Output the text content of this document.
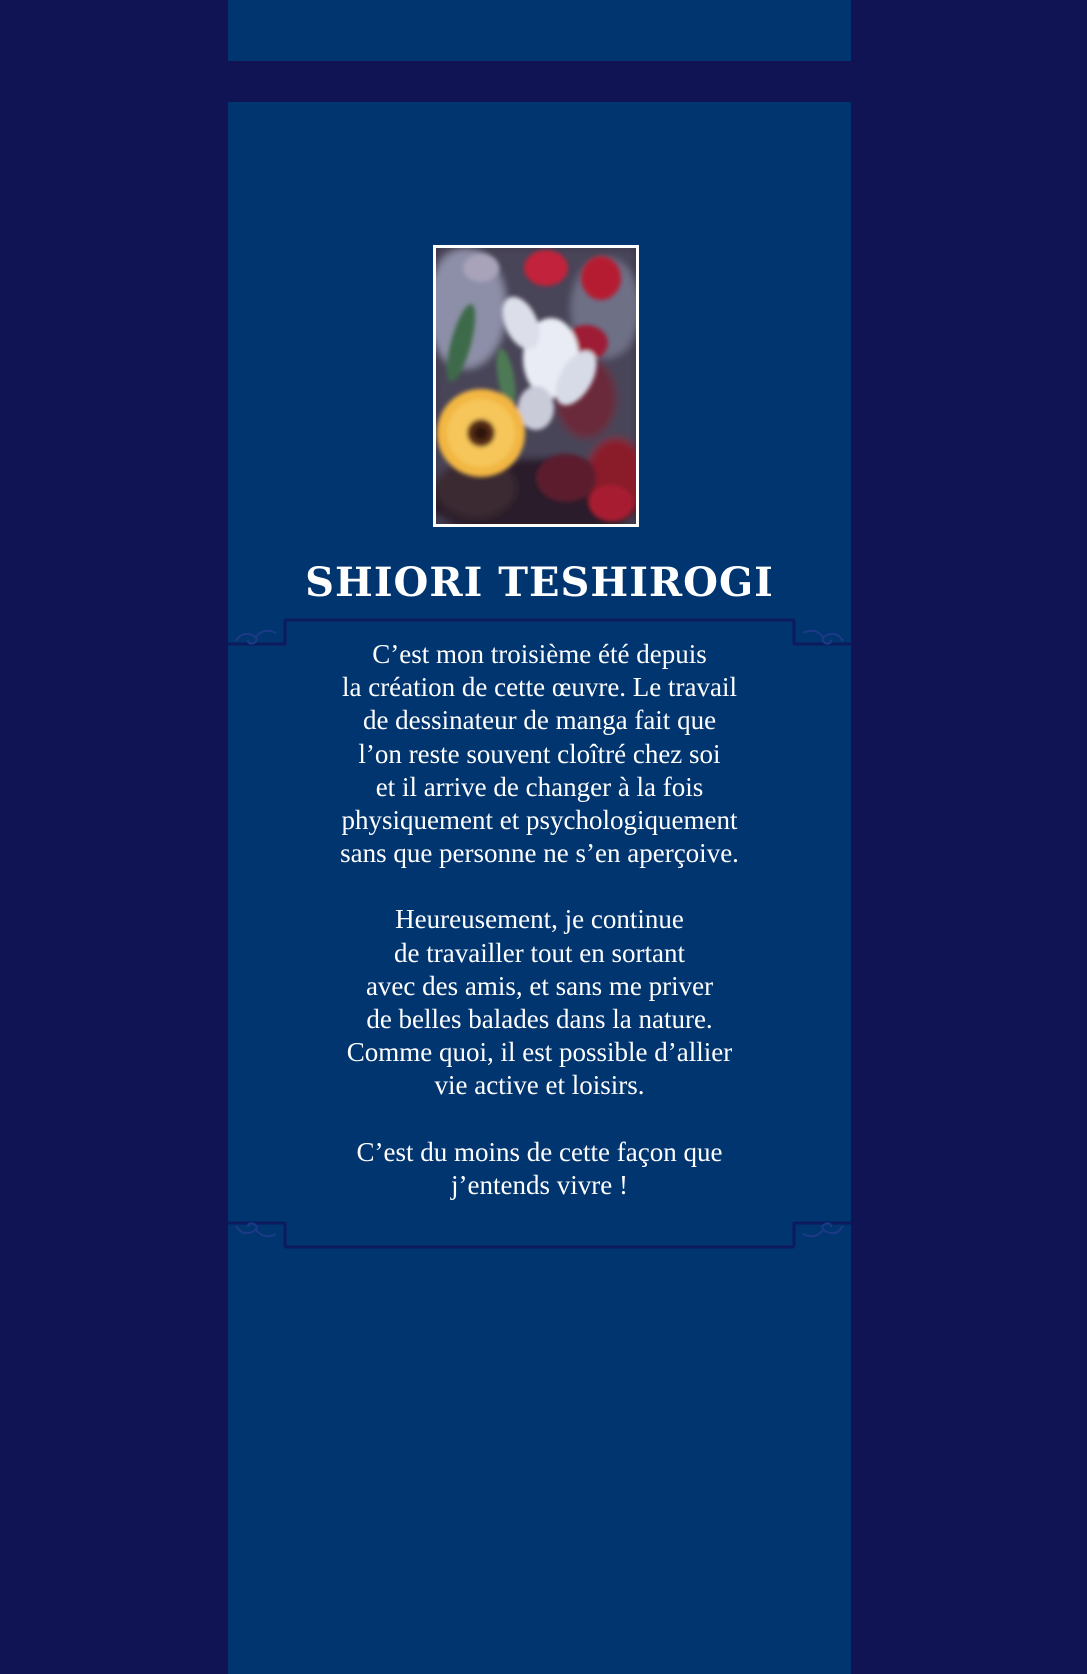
SHIORI TESHIROGI

C’est mon troisième été depuis
la création de cette œuvre. Le travail
de dessinateur de manga fait que
l’on reste souvent cloîtré chez soi
et il arrive de changer à la fois
physiquement et psychologiquement
sans que personne ne s’en aperçoive.

Heureusement, je continue
de travailler tout en sortant
avec des amis, et sans me priver
de belles balades dans la nature.
Comme quoi, il est possible d’allier
vie active et loisirs.

C’est du moins de cette façon que
j’entends vivre !
